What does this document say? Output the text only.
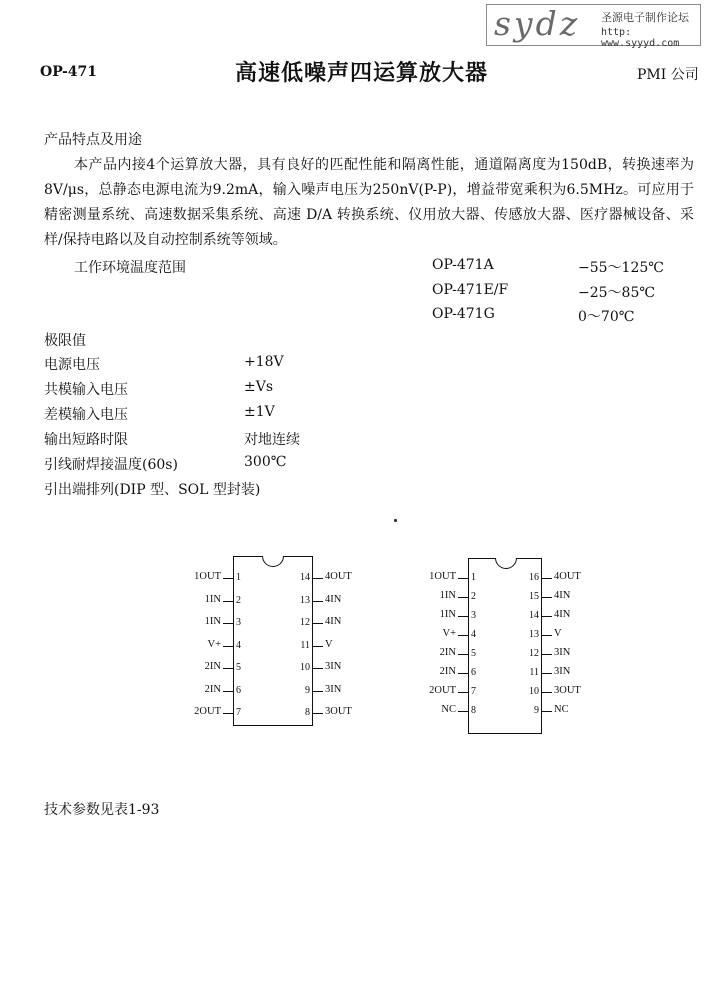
sydz 圣源电子制作论坛
http: www.syyyd.com
OP-471	高速低噪声四运算放大器	PMI 公司
产品特点及用途
本产品内接4个运算放大器，具有良好的匹配性能和隔离性能，通道隔离度为150dB，转换速率为8V/μs，总静态电源电流为9.2mA，输入噪声电压为250nV(P-P)，增益带宽乘积为6.5MHz。可应用于精密测量系统、高速数据采集系统、高速 D/A 转换系统、仪用放大器、传感放大器、医疗器械设备、采样/保持电路以及自动控制系统等领域。
工作环境温度范围	OP-471A	−55～125℃
OP-471E/F	−25～85℃
OP-471G	0～70℃
极限值
电源电压	+18V
共模输入电压	±Vs
差模输入电压	±1V
输出短路时限	对地连续
引线耐焊接温度(60s)	300℃
引出端排列(DIP 型、SOL 型封装)
1OUT 1
1IN 2
1IN 3
V+ 4
2IN 5
2IN 6
2OUT 7
4OUT
14
4IN
13
4IN
12
V
11
3IN
10
3IN
9
3OUT
8
1OUT 1
1IN 2
1IN 3
V+ 4
2IN 5
2IN 6
2OUT 7
NC 8
4OUT
16
4IN
15
4IN
14
V
13
3IN
12
3IN
11
3OUT
10
NC
9
技术参数见表1-93
